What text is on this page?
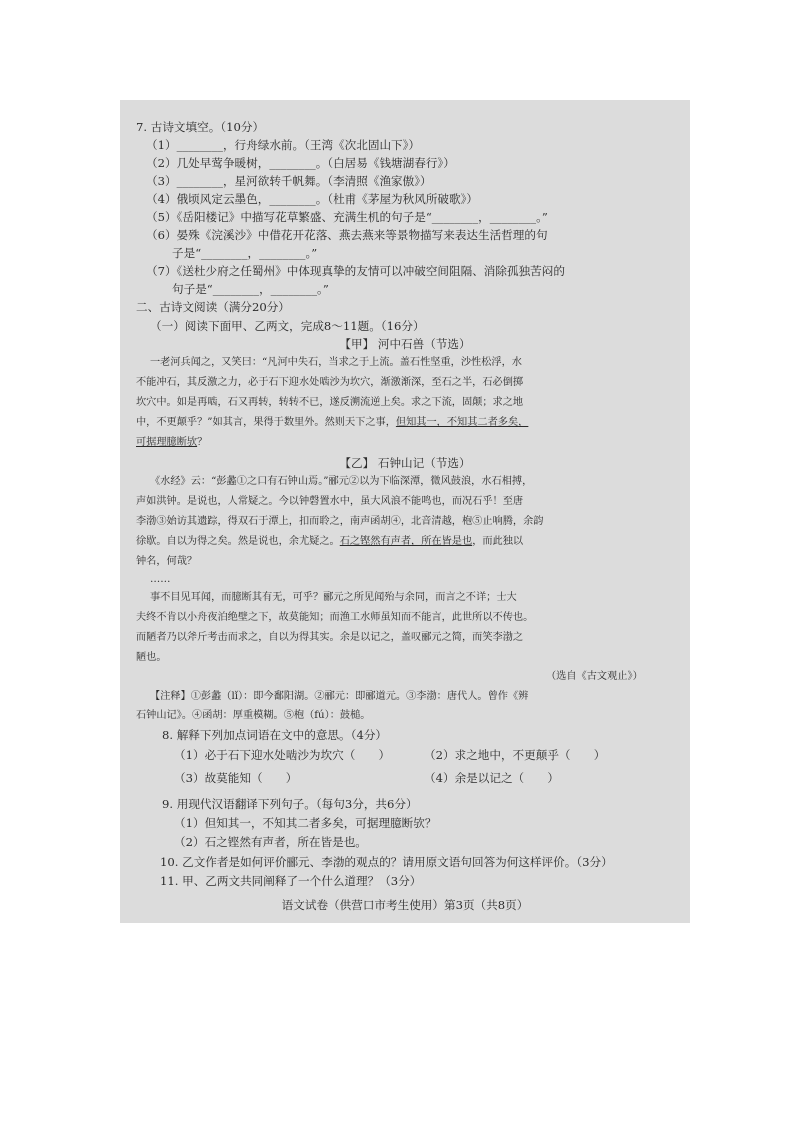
7. 古诗文填空。（10分）
（1）________，行舟绿水前。（王湾《次北固山下》）
（2）几处早莺争暖树，________。（白居易《钱塘湖春行》）
（3）________，星河欲转千帆舞。（李清照《渔家傲》）
（4）俄顷风定云墨色，________。（杜甫《茅屋为秋风所破歌》）
（5）《岳阳楼记》中描写花草繁盛、充满生机的句子是“________，________。”
（6）晏殊《浣溪沙》中借花开花落、燕去燕来等景物描写来表达生活哲理的句
子是“________，________。”
（7）《送杜少府之任蜀州》中体现真挚的友情可以冲破空间阻隔、消除孤独苦闷的
句子是“________，________。”
二、古诗文阅读（满分20分）
（一）阅读下面甲、乙两文，完成8～11题。（16分）
【甲】 河中石兽（节选）
一老河兵闻之，又笑曰：“凡河中失石，当求之于上流。盖石性坚重，沙性松浮，水
不能冲石，其反激之力，必于石下迎水处啮沙为坎穴，渐激渐深，至石之半，石必倒掷
坎穴中。如是再啮，石又再转，转转不已，遂反溯流逆上矣。求之下流，固颠；求之地
中，不更颠乎？”如其言，果得于数里外。然则天下之事，但知其一，不知其二者多矣，
可据理臆断欤？
【乙】 石钟山记（节选）
《水经》云：“彭蠡①之口有石钟山焉。”郦元②以为下临深潭，微风鼓浪，水石相搏，
声如洪钟。是说也，人常疑之。今以钟磬置水中，虽大风浪不能鸣也，而况石乎！至唐
李渤③始访其遗踪，得双石于潭上，扣而聆之，南声函胡④，北音清越，枹⑤止响腾，余韵
徐歇。自以为得之矣。然是说也，余尤疑之。石之铿然有声者，所在皆是也，而此独以
钟名，何哉？
……
事不目见耳闻，而臆断其有无，可乎？郦元之所见闻殆与余同，而言之不详；士大
夫终不肯以小舟夜泊绝壁之下，故莫能知；而渔工水师虽知而不能言，此世所以不传也。
而陋者乃以斧斤考击而求之，自以为得其实。余是以记之，盖叹郦元之简，而笑李渤之
陋也。
（选自《古文观止》）
【注释】①彭蠡（lǐ）：即今鄱阳湖。②郦元：即郦道元。③李渤：唐代人。曾作《辨
石钟山记》。④函胡：厚重模糊。⑤枹（fú）：鼓槌。
8. 解释下列加点词语在文中的意思。（4分）
（1）必于石下迎水处啮沙为坎穴（　　）	（2）求之地中，不更颠乎（　　）
（3）故莫能知（　　）	（4）余是以记之（　　）
9. 用现代汉语翻译下列句子。（每句3分，共6分）
（1）但知其一，不知其二者多矣，可据理臆断欤？
（2）石之铿然有声者，所在皆是也。
10. 乙文作者是如何评价郦元、李渤的观点的？请用原文语句回答为何这样评价。（3分）
11. 甲、乙两文共同阐释了一个什么道理？（3分）
语文试卷（供营口市考生使用）第3页（共8页）
